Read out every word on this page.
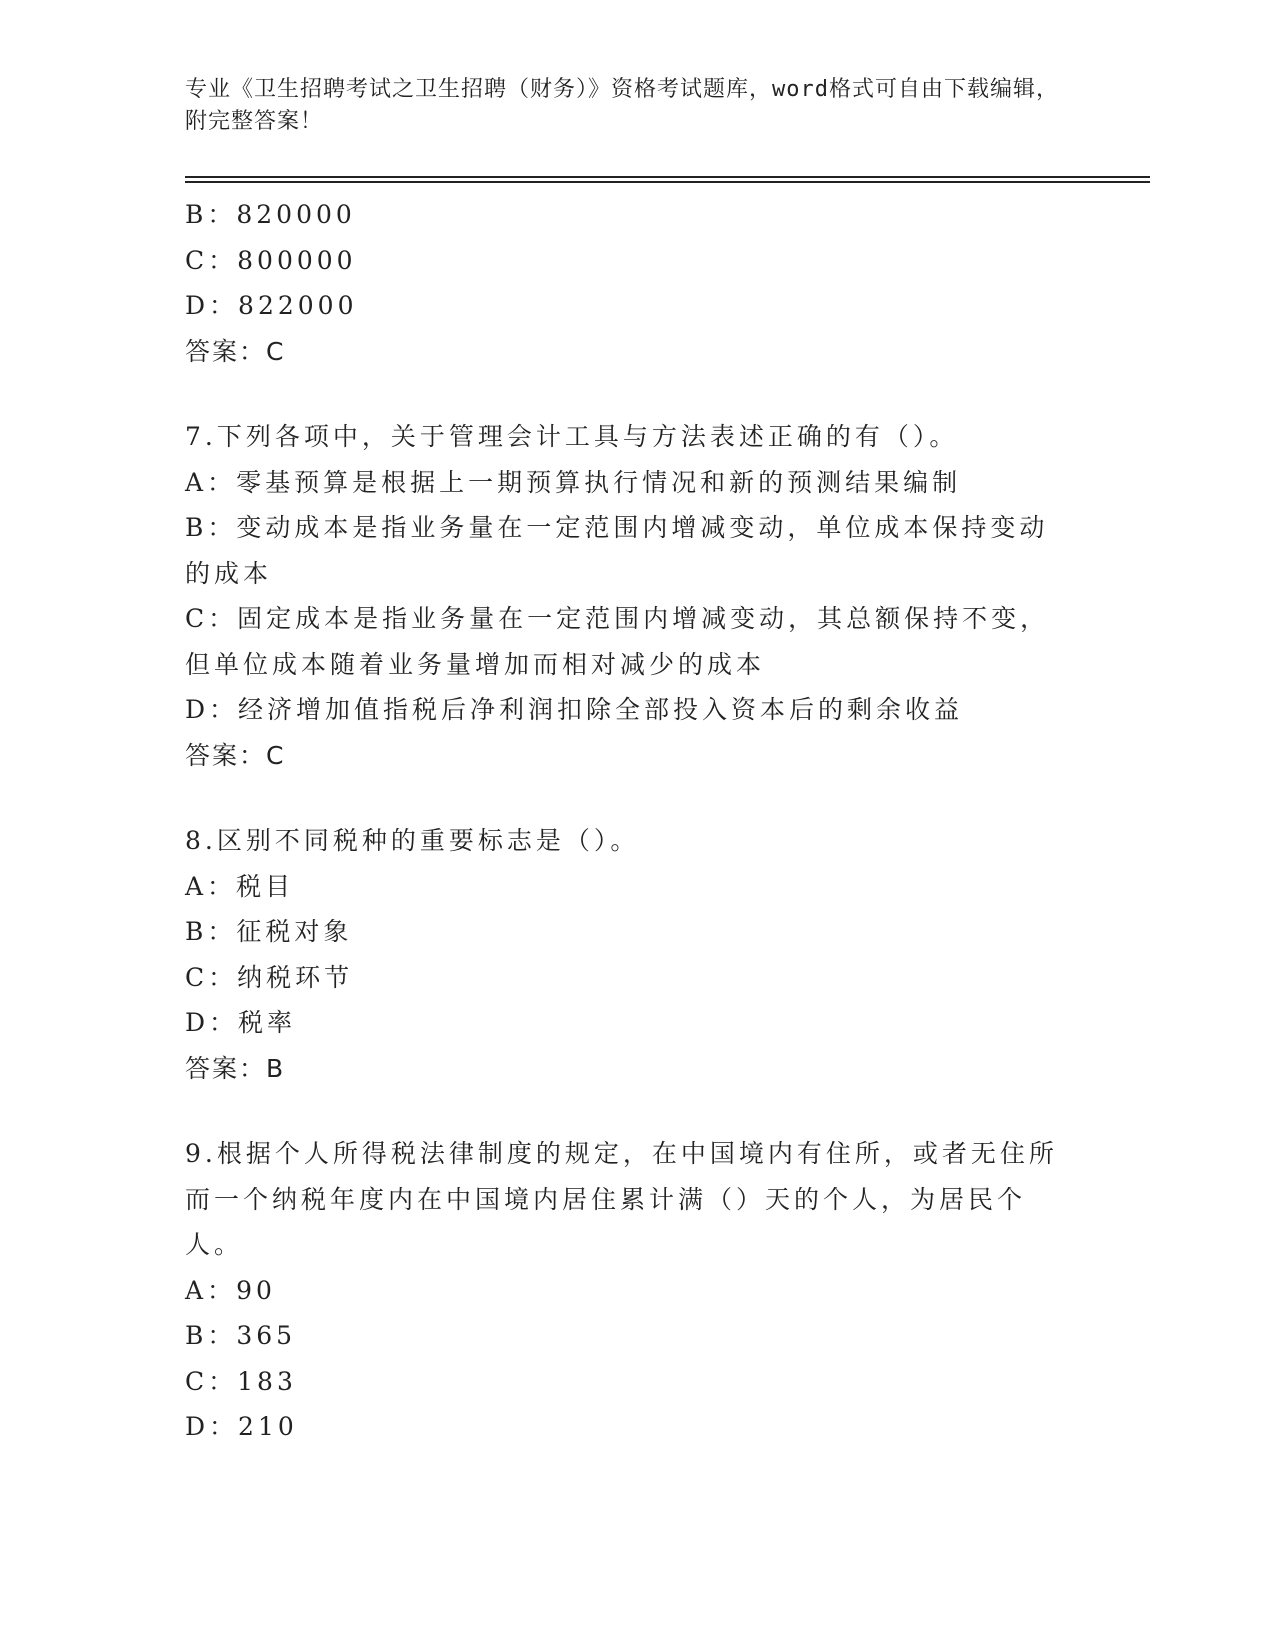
专业《卫生招聘考试之卫生招聘（财务）》资格考试题库，word格式可自由下载编辑，附完整答案！
B：820000
C：800000
D：822000
答案：C
7.下列各项中，关于管理会计工具与方法表述正确的有（）。
A：零基预算是根据上一期预算执行情况和新的预测结果编制
B：变动成本是指业务量在一定范围内增减变动，单位成本保持变动的成本
C：固定成本是指业务量在一定范围内增减变动，其总额保持不变，但单位成本随着业务量增加而相对减少的成本
D：经济增加值指税后净利润扣除全部投入资本后的剩余收益
答案：C
8.区别不同税种的重要标志是（）。
A：税目
B：征税对象
C：纳税环节
D：税率
答案：B
9.根据个人所得税法律制度的规定，在中国境内有住所，或者无住所而一个纳税年度内在中国境内居住累计满（）天的个人，为居民个人。
A：90
B：365
C：183
D：210
